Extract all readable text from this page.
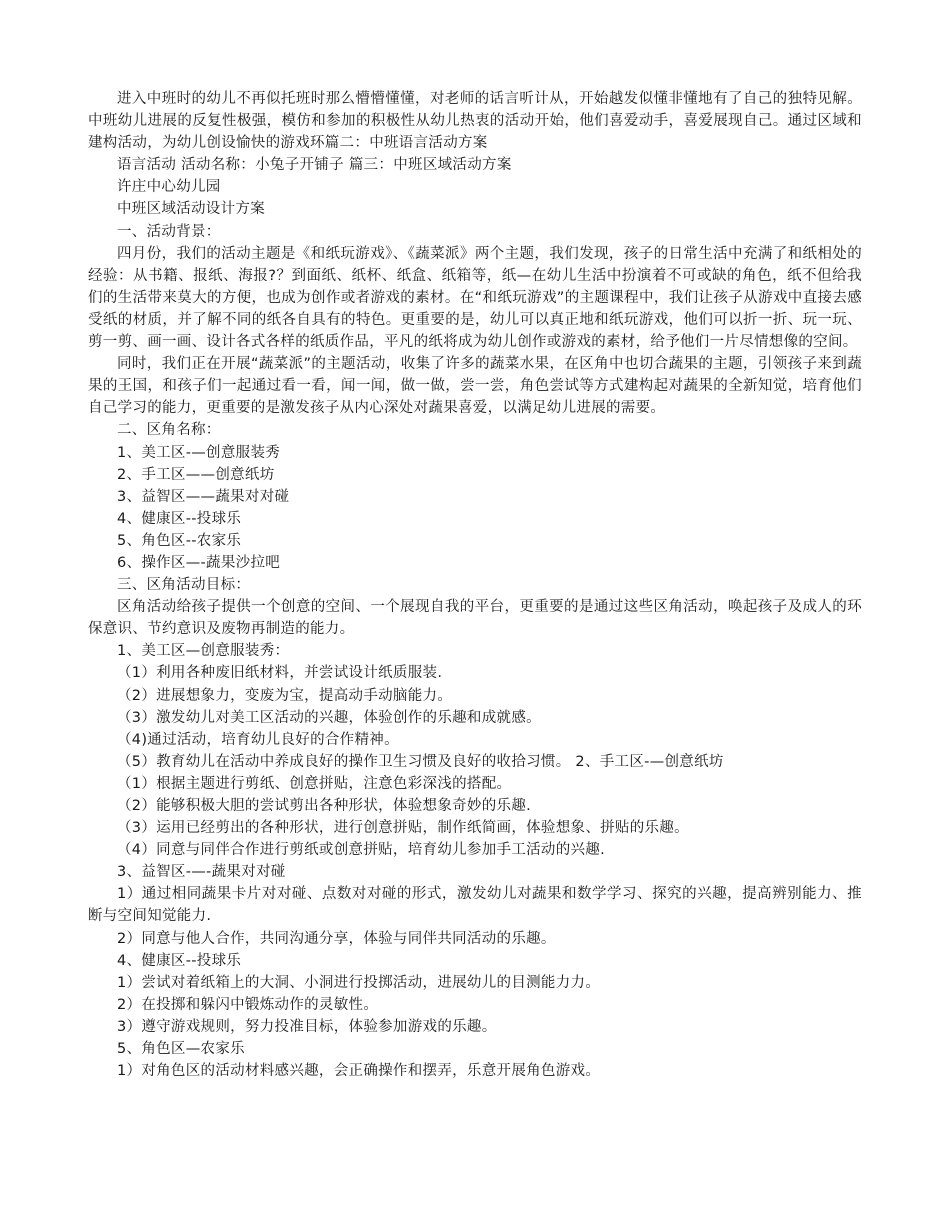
进入中班时的幼儿不再似托班时那么懵懵懂懂，对老师的话言听计从，开始越发似懂非懂地有了自己的独特见解。中班幼儿进展的反复性极强，模仿和参加的积极性从幼儿热衷的活动开始，他们喜爱动手，喜爱展现自己。通过区域和建构活动，为幼儿创设愉快的游戏环篇二：中班语言活动方案

语言活动 活动名称：小兔子开铺子 篇三：中班区域活动方案

许庄中心幼儿园

中班区域活动设计方案

一、活动背景：

四月份，我们的活动主题是《和纸玩游戏》、《蔬菜派》两个主题，我们发现，孩子的日常生活中充满了和纸相处的经验：从书籍、报纸、海报?？到面纸、纸杯、纸盒、纸箱等，纸—在幼儿生活中扮演着不可或缺的角色，纸不但给我们的生活带来莫大的方便，也成为创作或者游戏的素材。在“和纸玩游戏”的主题课程中，我们让孩子从游戏中直接去感受纸的材质，并了解不同的纸各自具有的特色。更重要的是，幼儿可以真正地和纸玩游戏，他们可以折一折、玩一玩、剪一剪、画一画、设计各式各样的纸质作品，平凡的纸将成为幼儿创作或游戏的素材，给予他们一片尽情想像的空间。

同时，我们正在开展“蔬菜派”的主题活动，收集了许多的蔬菜水果，在区角中也切合蔬果的主题，引领孩子来到蔬果的王国，和孩子们一起通过看一看，闻一闻，做一做，尝一尝，角色尝试等方式建构起对蔬果的全新知觉，培育他们自己学习的能力，更重要的是激发孩子从内心深处对蔬果喜爱，以满足幼儿进展的需要。

二、区角名称：

1、美工区-—创意服装秀

2、手工区——创意纸坊

3、益智区——蔬果对对碰

4、健康区--投球乐

5、角色区--农家乐

6、操作区—-蔬果沙拉吧

三、区角活动目标：

区角活动给孩子提供一个创意的空间、一个展现自我的平台，更重要的是通过这些区角活动，唤起孩子及成人的环保意识、节约意识及废物再制造的能力。

1、美工区—创意服装秀：

（1）利用各种废旧纸材料，并尝试设计纸质服装.

（2）进展想象力，变废为宝，提高动手动脑能力。

（3）激发幼儿对美工区活动的兴趣，体验创作的乐趣和成就感。

（4)通过活动，培育幼儿良好的合作精神。

（5）教育幼儿在活动中养成良好的操作卫生习惯及良好的收拾习惯。 2、手工区-—创意纸坊

（1）根据主题进行剪纸、创意拼贴，注意色彩深浅的搭配。

（2）能够积极大胆的尝试剪出各种形状，体验想象奇妙的乐趣.

（3）运用已经剪出的各种形状，进行创意拼贴，制作纸简画，体验想象、拼贴的乐趣。

（4）同意与同伴合作进行剪纸或创意拼贴，培育幼儿参加手工活动的兴趣.

3、益智区-—-蔬果对对碰

1）通过相同蔬果卡片对对碰、点数对对碰的形式，激发幼儿对蔬果和数学学习、探究的兴趣，提高辨别能力、推断与空间知觉能力.

2）同意与他人合作，共同沟通分享，体验与同伴共同活动的乐趣。

4、健康区--投球乐

1）尝试对着纸箱上的大洞、小洞进行投掷活动，进展幼儿的目测能力力。

2）在投掷和躲闪中锻炼动作的灵敏性。

3）遵守游戏规则，努力投准目标，体验参加游戏的乐趣。

5、角色区—农家乐

1）对角色区的活动材料感兴趣，会正确操作和摆弄，乐意开展角色游戏。
